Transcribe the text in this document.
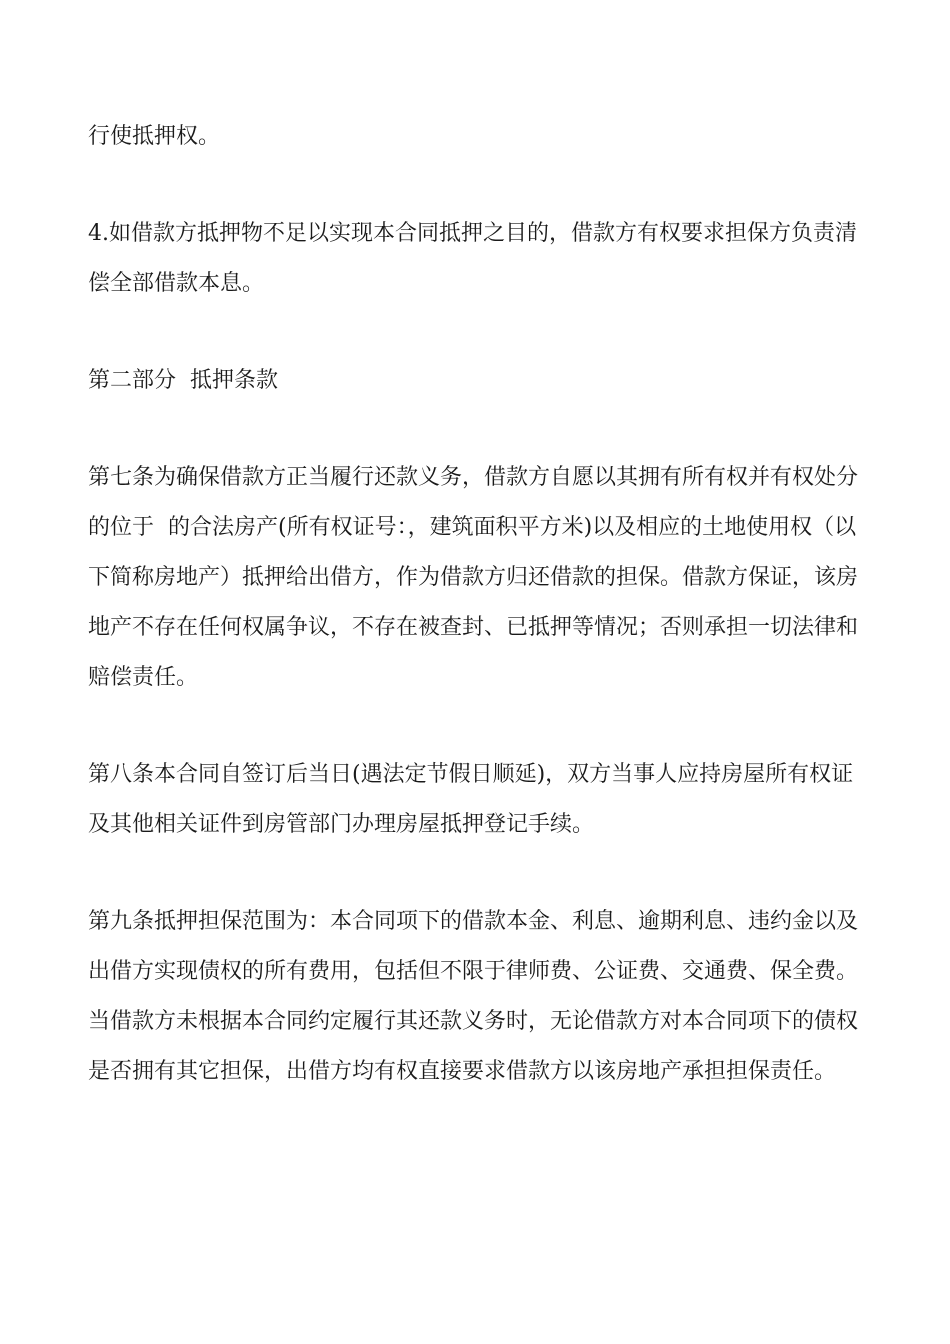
行使抵押权。

4.如借款方抵押物不足以实现本合同抵押之目的，借款方有权要求担保方负责清偿全部借款本息。

第二部分  抵押条款

第七条为确保借款方正当履行还款义务，借款方自愿以其拥有所有权并有权处分的位于  的合法房产(所有权证号：，建筑面积平方米)以及相应的土地使用权（以下简称房地产）抵押给出借方，作为借款方归还借款的担保。借款方保证，该房地产不存在任何权属争议，不存在被查封、已抵押等情况；否则承担一切法律和赔偿责任。

第八条本合同自签订后当日(遇法定节假日顺延)，双方当事人应持房屋所有权证及其他相关证件到房管部门办理房屋抵押登记手续。

第九条抵押担保范围为：本合同项下的借款本金、利息、逾期利息、违约金以及出借方实现债权的所有费用，包括但不限于律师费、公证费、交通费、保全费。

当借款方未根据本合同约定履行其还款义务时，无论借款方对本合同项下的债权是否拥有其它担保，出借方均有权直接要求借款方以该房地产承担担保责任。
